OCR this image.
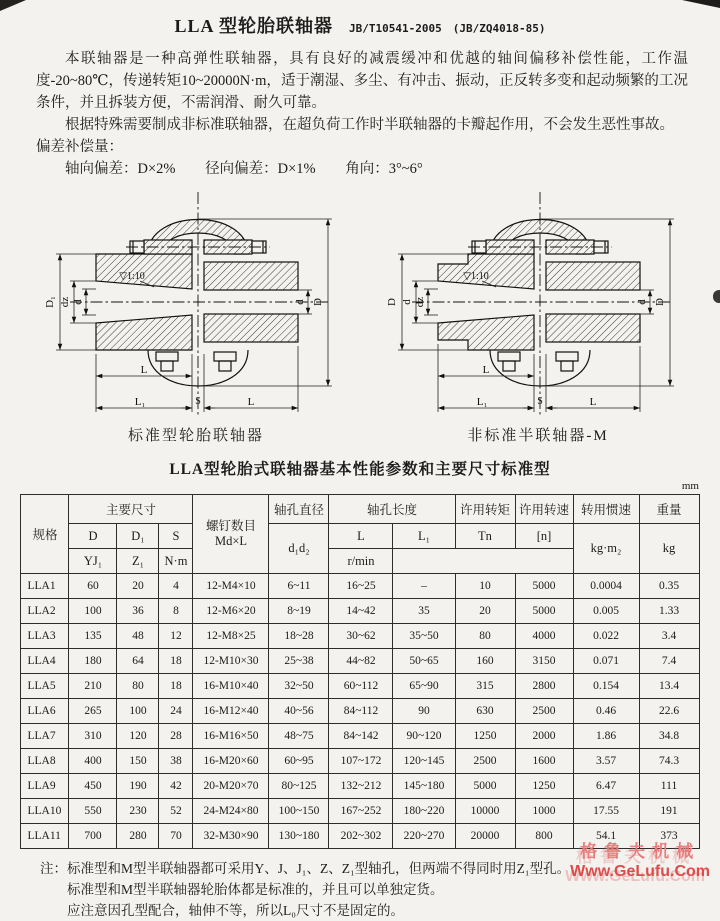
LLA 型轮胎联轴器 JB/T10541-2005　(JB/ZQ4018-85)

本联轴器是一种高弹性联轴器，具有良好的减震缓冲和优越的轴间偏移补偿性能，工作温度-20~80℃，传递转矩10~20000N·m，适于潮湿、多尘、有冲击、振动，正反转多变和起动频繁的工况条件，并且拆装方便，不需润滑、耐久可靠。

根据特殊需要制成非标准联轴器，在超负荷工作时半联轴器的卡瓣起作用，不会发生恶性事故。

偏差补偿量：
轴向偏差：D×2% 径向偏差：D×1% 角向：3°~6°
D₁ dz d	D
d
L
L₁	S	L
▽1:10
标准型轮胎联轴器
D d dz	D
d
L
L₁	S	L
▽1:10
非标准半联轴器-M
LLA型轮胎式联轴器基本性能参数和主要尺寸标准型
mm
规格	主要尺寸			螺钉数目
Md×L	轴孔直径	轴孔长度		许用转矩	许用转速	转用惯速	重量
	D	D₁	S		d₁d₂	L	L₁	Tn	[n]	kg·m₂	kg
	YJ₁	Z₁	N·m			r/min					
LLA1	60	20	4	12-M4×10	6~11	16~25	–	10	5000	0.0004	0.35
LLA2	100	36	8	12-M6×20	8~19	14~42	35	20	5000	0.005	1.33
LLA3	135	48	12	12-M8×25	18~28	30~62	35~50	80	4000	0.022	3.4
LLA4	180	64	18	12-M10×30	25~38	44~82	50~65	160	3150	0.071	7.4
LLA5	210	80	18	16-M10×40	32~50	60~112	65~90	315	2800	0.154	13.4
LLA6	265	100	24	16-M12×40	40~56	84~112	90	630	2500	0.46	22.6
LLA7	310	120	28	16-M16×50	48~75	84~142	90~120	1250	2000	1.86	34.8
LLA8	400	150	38	16-M20×60	60~95	107~172	120~145	2500	1600	3.57	74.3
LLA9	450	190	42	20-M20×70	80~125	132~212	145~180	5000	1250	6.47	111
LLA10	550	230	52	24-M24×80	100~150	167~252	180~220	10000	1000	17.55	191
LLA11	700	280	70	32-M30×90	130~180	202~302	220~270	20000	800	54.1	373
注： 标准型和M型半联轴器都可采用Y、J、J₁、Z、Z₁型轴孔，但两端不得同时用Z₁型孔。

标准型和M型半联轴器轮胎体都是标准的，并且可以单独定货。

应注意因孔型配合，轴伸不等，所以L₀尺寸不是固定的。

格鲁夫机械
Www.GeLufu.Com
